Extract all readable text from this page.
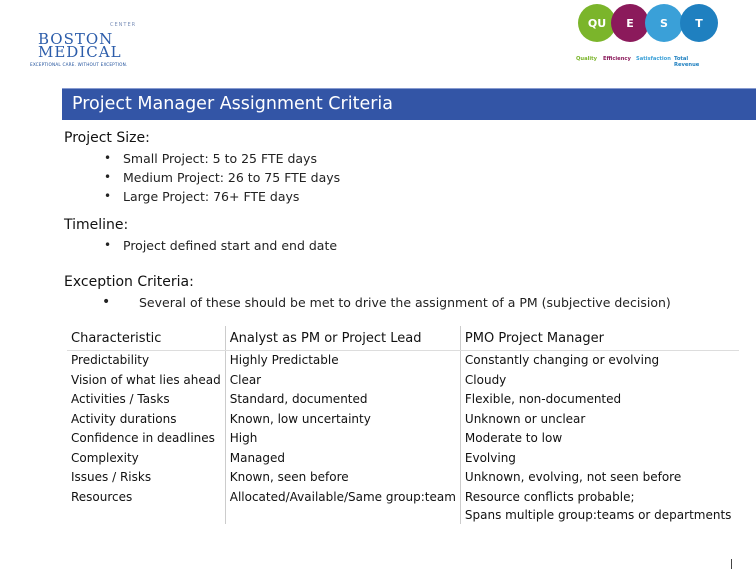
CENTER
BOSTON
MEDICAL
EXCEPTIONAL CARE. WITHOUT EXCEPTION.
QU	E	S	T
Quality Efficiency Satisfaction Total Revenue
Project Manager Assignment Criteria
Project Size:
• Small Project: 5 to 25 FTE days
• Medium Project: 26 to 75 FTE days
• Large Project: 76+ FTE days
Timeline:
• Project defined start and end date
Exception Criteria:
• Several of these should be met to drive the assignment of a PM (subjective decision)
Characteristic	Analyst as PM or Project Lead	PMO Project Manager
Predictability	Highly Predictable	Constantly changing or evolving
Vision of what lies ahead	Clear	Cloudy
Activities / Tasks	Standard, documented	Flexible, non-documented
Activity durations	Known, low uncertainty	Unknown or unclear
Confidence in deadlines	High	Moderate to low
Complexity	Managed	Evolving
Issues / Risks	Known, seen before	Unknown, evolving, not seen before
Resources	Allocated/Available/Same group:team	Resource conflicts probable;
Spans multiple group:teams or departments
